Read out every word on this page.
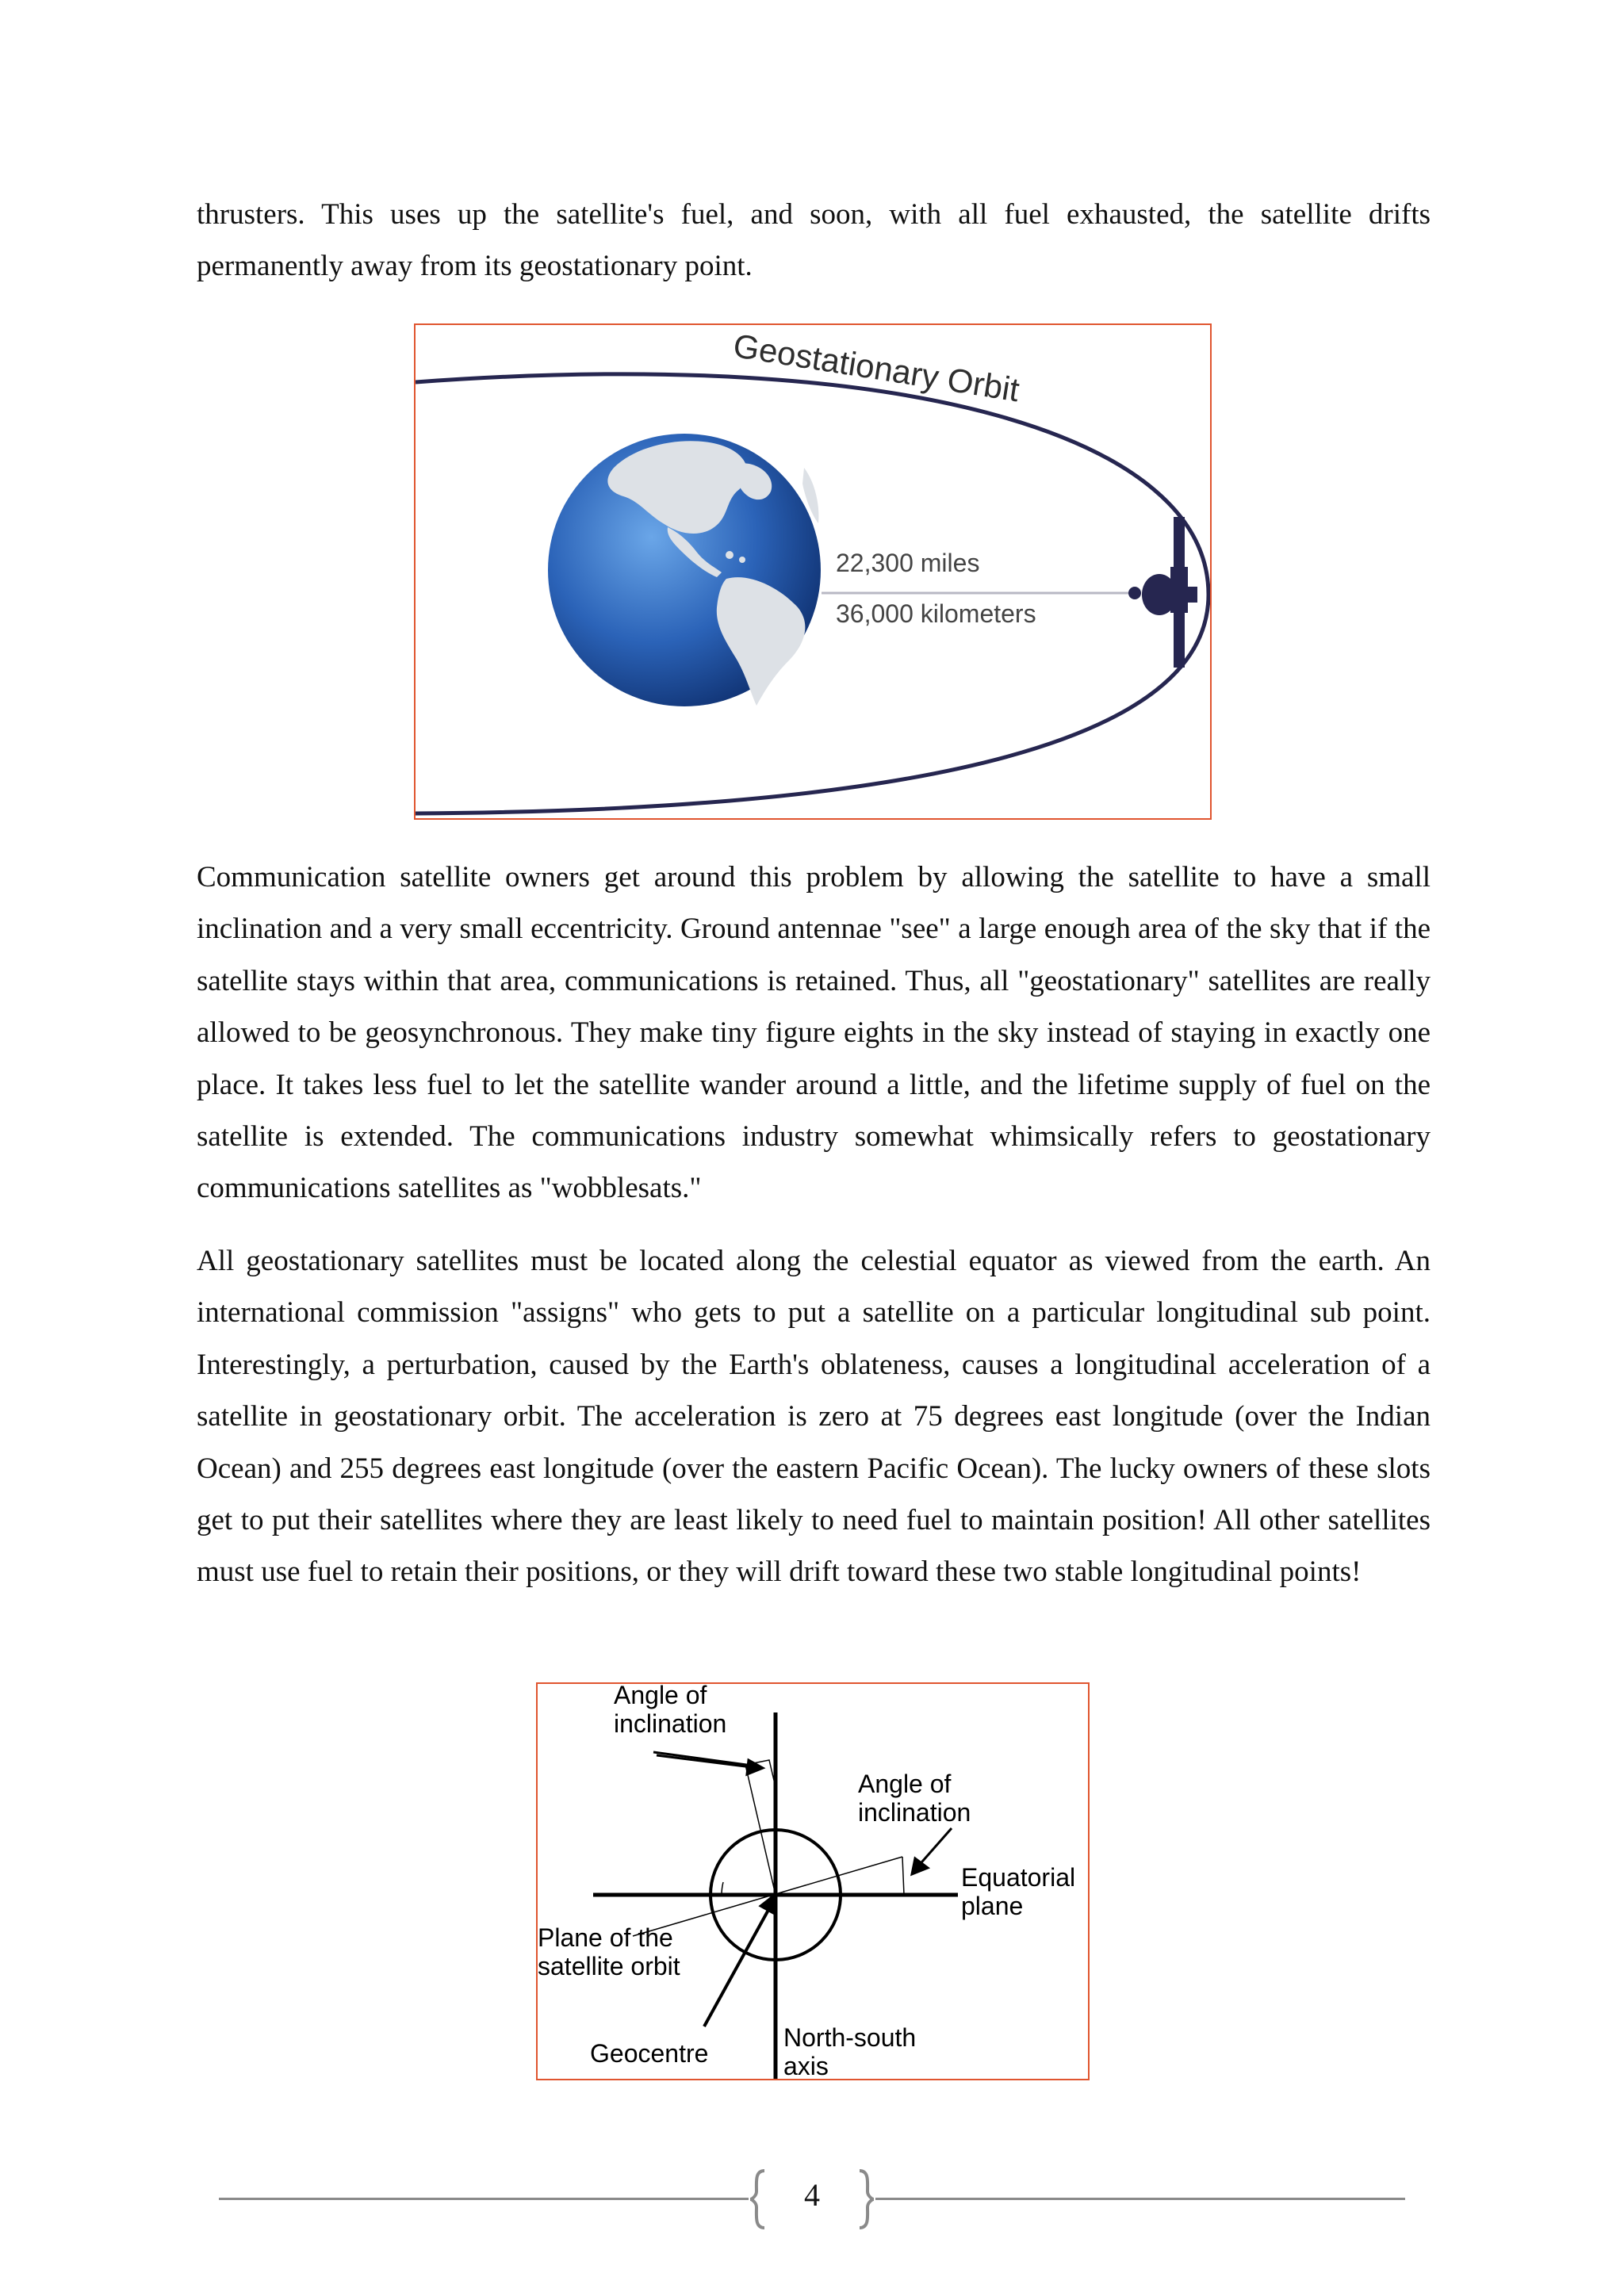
thrusters. This uses up the satellite's fuel, and soon, with all fuel exhausted, the satellite drifts permanently away from its geostationary point.

Geostationary Orbit
22,300 miles
36,000 kilometers

Communication satellite owners get around this problem by allowing the satellite to have a small inclination and a very small eccentricity. Ground antennae "see" a large enough area of the sky that if the satellite stays within that area, communications is retained. Thus, all "geostationary" satellites are really allowed to be geosynchronous. They make tiny figure eights in the sky instead of staying in exactly one place. It takes less fuel to let the satellite wander around a little, and the lifetime supply of fuel on the satellite is extended. The communications industry somewhat whimsically refers to geostationary communications satellites as "wobblesats."

All geostationary satellites must be located along the celestial equator as viewed from the earth. An international commission "assigns" who gets to put a satellite on a particular longitudinal sub point. Interestingly, a perturbation, caused by the Earth's oblateness, causes a longitudinal acceleration of a satellite in geostationary orbit. The acceleration is zero at 75 degrees east longitude (over the Indian Ocean) and 255 degrees east longitude (over the eastern Pacific Ocean). The lucky owners of these slots get to put their satellites where they are least likely to need fuel to maintain position! All other satellites must use fuel to retain their positions, or they will drift toward these two stable longitudinal points!

Angle of
inclination
Angle of
inclination
Equatorial
plane
Plane of the
satellite orbit
Geocentre
North-south
axis
4
